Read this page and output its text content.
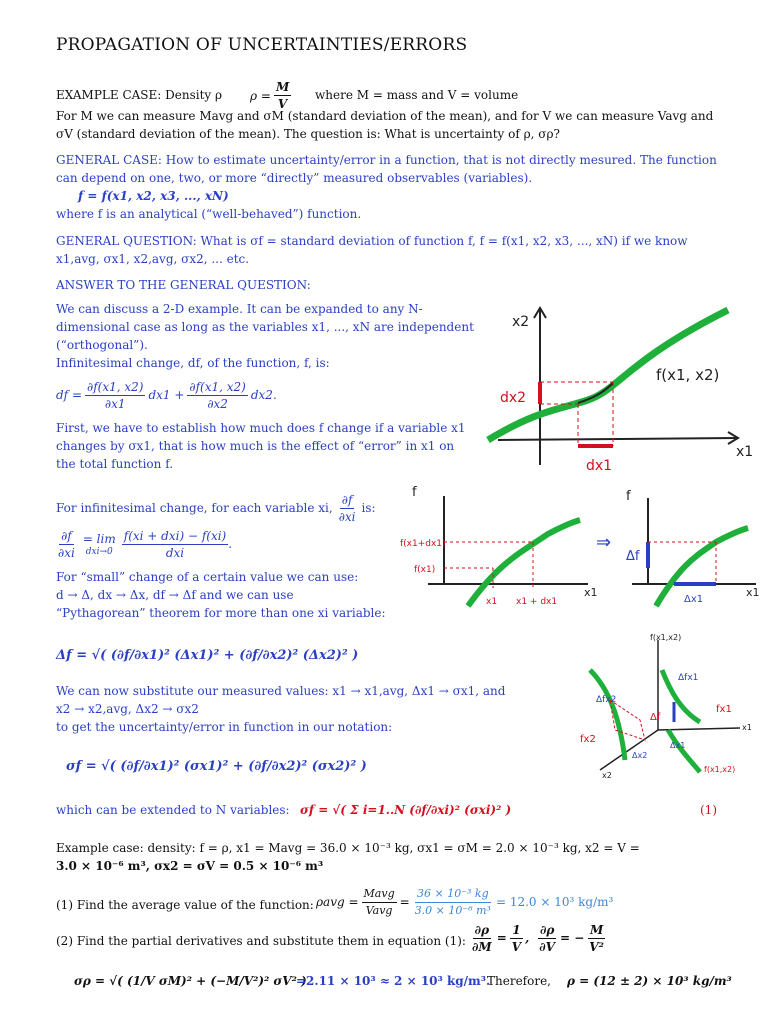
PROPAGATION OF UNCERTAINTIES/ERRORS
EXAMPLE CASE: Density ρ $\rho = \frac{M}{V}$ where M = mass and V = volume
For M we can measure Mavg and σM (standard deviation of the mean), and for V we can measure Vavg and
σV (standard deviation of the mean). The question is: What is uncertainty of ρ, σρ?
GENERAL CASE: How to estimate uncertainty/error in a function, that is not directly mesured. The function
can depend on one, two, or more “directly” measured observables (variables).
f = f(x1, x2, x3, ..., xN)
where f is an analytical (“well-behaved”) function.
GENERAL QUESTION: What is σf = standard deviation of function f, f = f(x1, x2, x3, ..., xN) if we know
x1,avg, σx1, x2,avg, σx2, ... etc.
ANSWER TO THE GENERAL QUESTION:
We can discuss a 2-D example. It can be expanded to any N-
dimensional case as long as the variables x1, ..., xN are independent
(“orthogonal”).
Infinitesimal change, df, of the function, f, is:
df = $\frac{\partial f(x1, x2)}{\partial x1} dx1 + \frac{\partial f(x1, x2)}{\partial x2} dx2$.
First, we have to establish how much does f change if a variable x1
changes by σx1, that is how much is the effect of “error” in x1 on
the total function f.
For infinitesimal change, for each variable xi, $\frac{\partial f}{\partial xi}$ is:
$\frac{\partial f}{\partial xi} = \lim$
$dxi\to 0 \frac{\text{f(xi + dxi) − f(xi)}}{\text{dxi}}$ .
For “small” change of a certain value we can use:
d → Δ, dx → Δx, df → Δf and we can use
“Pythagorean” theorem for more than one xi variable:
Δf = √( (∂f/∂x1)² (Δx1)² + (∂f/∂x2)² (Δx2)² )
We can now substitute our measured values: x1 → x1,avg, Δx1 → σx1, and
x2 → x2,avg, Δx2 → σx2
to get the uncertainty/error in function in our notation:
σf = √( (∂f/∂x1)² (σx1)² + (∂f/∂x2)² (σx2)² )
which can be extended to N variables: σf = √( Σ i=1..N (∂f/∂xi)² (σxi)² )	(1)
Example case: density: f = ρ, x1 = Mavg = 36.0 × 10⁻³ kg, σx1 = σM = 2.0 × 10⁻³ kg, x2 = V =
3.0 × 10⁻⁶ m³, σx2 = σV = 0.5 × 10⁻⁶ m³
(1) Find the average value of the function: $\rho avg = \frac{\text{Mavg}}{\text{Vavg}} = \frac{\text{36 × 10⁻³ kg}}{\text{3.0 × 10⁻⁶ m³}} = 12.0 \times 10^3$ kg/m³
(2) Find the partial derivatives and substitute them in equation (1): $\frac{\partial\rho}{\partial M} = \frac{1}{V}$ , $\frac{\partial\rho}{\partial V}$ = − $\frac{M}{\text{V²}}$
σρ = √( (1/V σM)² + (−M/V²)² σV² )
=2.11 × 10³ ≈ 2 × 10³ kg/m³.
Therefore, ρ = (12 ± 2) × 10³ kg/m³
x2
x1
f(x1, x2)
dx2
dx1
f
x1
f(x1+dx1)
f(x1)
x1 x1 + dx1
⇒
f
x1
Δf
Δx1
f(x1,x2)
x1
x2
fx1
fx2
Δf
Δfx1
Δfx2
Δx1
Δx2
f(x1,x2)
